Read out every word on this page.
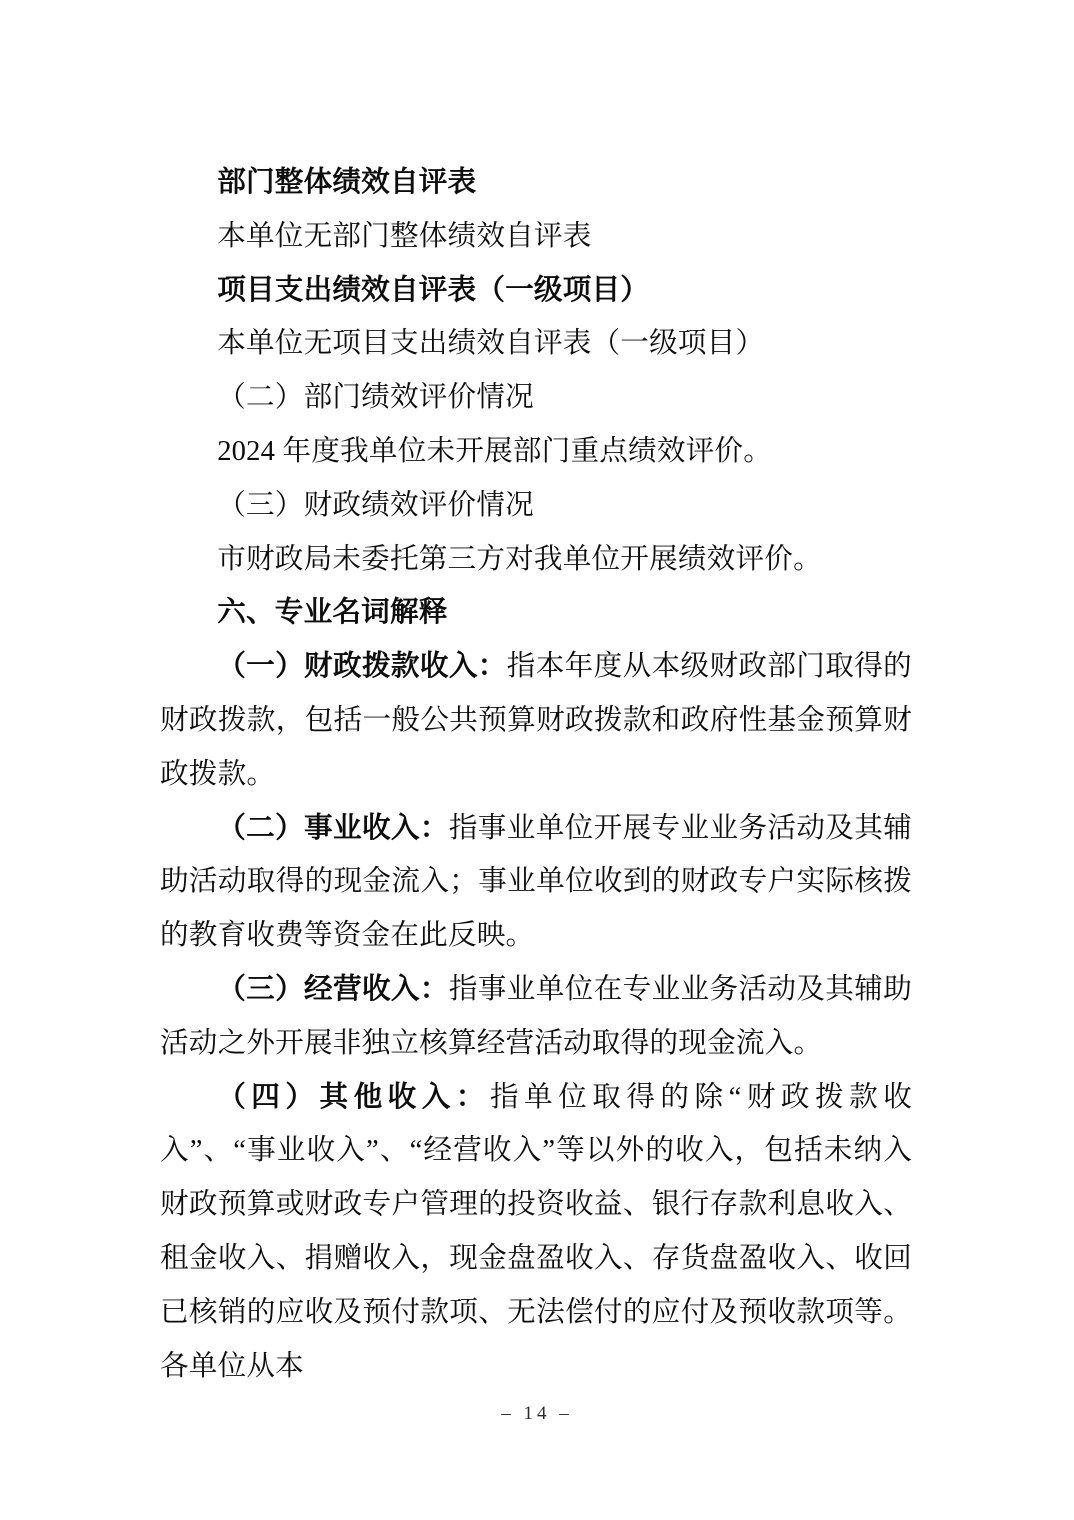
部门整体绩效自评表

本单位无部门整体绩效自评表

项目支出绩效自评表（一级项目）

本单位无项目支出绩效自评表（一级项目）

（二）部门绩效评价情况

2024 年度我单位未开展部门重点绩效评价。

（三）财政绩效评价情况

市财政局未委托第三方对我单位开展绩效评价。

六、专业名词解释

（一）财政拨款收入：指本年度从本级财政部门取得的财政拨款，包括一般公共预算财政拨款和政府性基金预算财政拨款。

（二）事业收入：指事业单位开展专业业务活动及其辅助活动取得的现金流入；事业单位收到的财政专户实际核拨的教育收费等资金在此反映。

（三）经营收入：指事业单位在专业业务活动及其辅助活动之外开展非独立核算经营活动取得的现金流入。

（四）其他收入：指单位取得的除“财政拨款收入”、“事业收入”、“经营收入”等以外的收入，包括未纳入财政预算或财政专户管理的投资收益、银行存款利息收入、租金收入、捐赠收入，现金盘盈收入、存货盘盈收入、收回已核销的应收及预付款项、无法偿付的应付及预收款项等。各单位从本

– 14 –
